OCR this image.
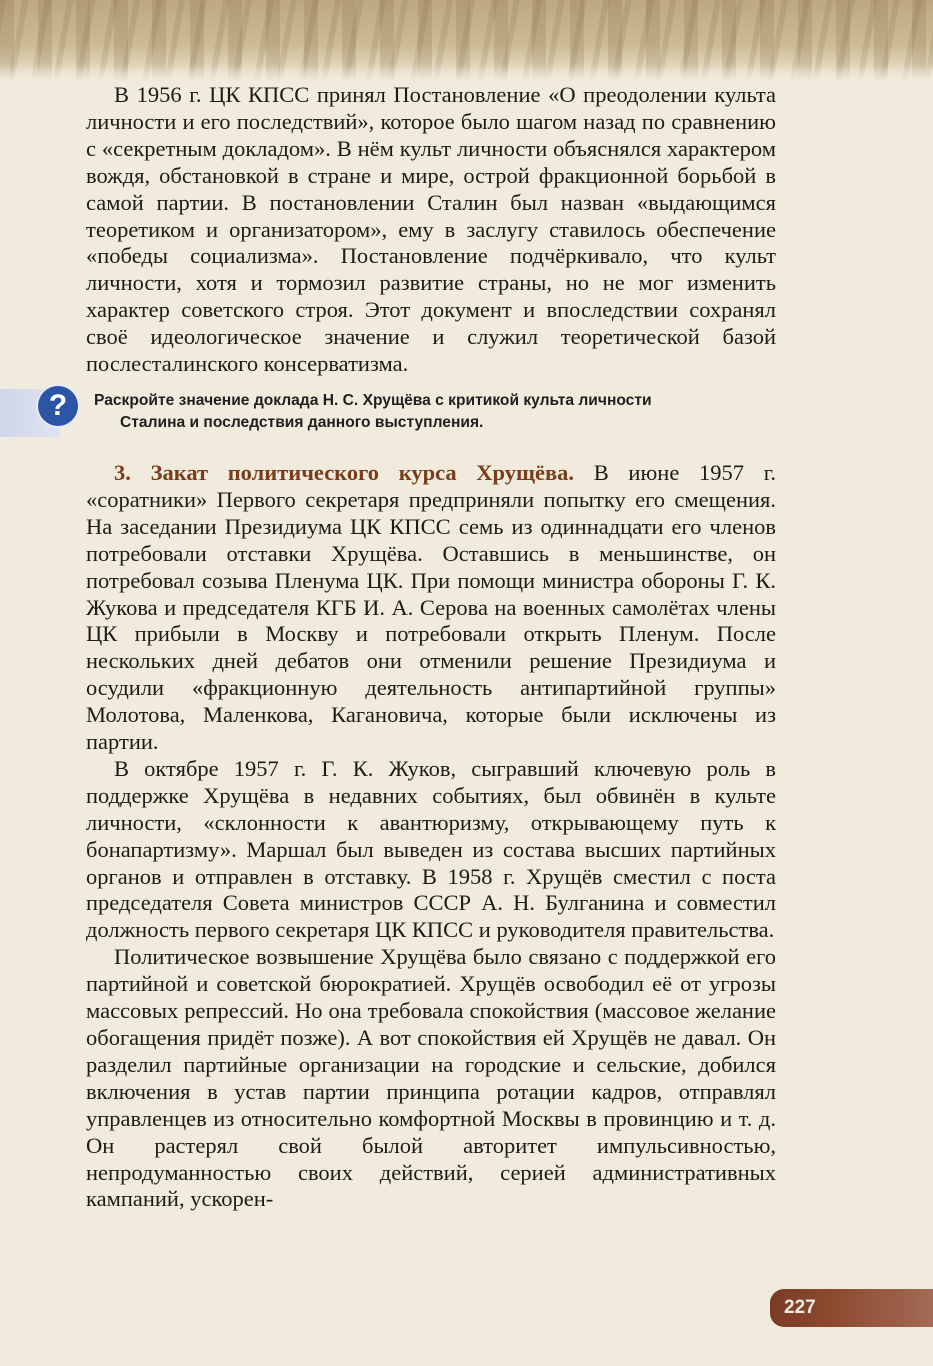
В 1956 г. ЦК КПСС принял Постановление «О преодолении культа личности и его последствий», которое было шагом назад по сравнению с «секретным докладом». В нём культ личности объяснялся характером вождя, обстановкой в стране и мире, острой фракционной борьбой в самой партии. В постановлении Сталин был назван «выдающимся теоретиком и организатором», ему в заслугу ставилось обеспечение «победы социализма». Постановление подчёркивало, что культ личности, хотя и тормозил развитие страны, но не мог изменить характер советского строя. Этот документ и впоследствии сохранял своё идеологическое значение и служил теоретической базой послесталинского консерватизма.

?	Раскройте значение доклада Н. С. Хрущёва с критикой культа личности
Сталина и последствия данного выступления.

3. Закат политического курса Хрущёва. В июне 1957 г. «соратники» Первого секретаря предприняли попытку его смещения. На заседании Президиума ЦК КПСС семь из одиннадцати его членов потребовали отставки Хрущёва. Оставшись в меньшинстве, он потребовал созыва Пленума ЦК. При помощи министра обороны Г. К. Жукова и председателя КГБ И. А. Серова на военных самолётах члены ЦК прибыли в Москву и потребовали открыть Пленум. После нескольких дней дебатов они отменили решение Президиума и осудили «фракционную деятельность антипартийной группы» Молотова, Маленкова, Кагановича, которые были исключены из партии.

В октябре 1957 г. Г. К. Жуков, сыгравший ключевую роль в поддержке Хрущёва в недавних событиях, был обвинён в культе личности, «склонности к авантюризму, открывающему путь к бонапартизму». Маршал был выведен из состава высших партийных органов и отправлен в отставку. В 1958 г. Хрущёв сместил с поста председателя Совета министров СССР А. Н. Булганина и совместил должность первого секретаря ЦК КПСС и руководителя правительства.

Политическое возвышение Хрущёва было связано с поддержкой его партийной и советской бюрократией. Хрущёв освободил её от угрозы массовых репрессий. Но она требовала спокойствия (массовое желание обогащения придёт позже). А вот спокойствия ей Хрущёв не давал. Он разделил партийные организации на городские и сельские, добился включения в устав партии принципа ротации кадров, отправлял управленцев из относительно комфортной Москвы в провинцию и т. д. Он растерял свой былой авторитет импульсивностью, непродуманностью своих действий, серией административных кампаний, ускорен-

227
